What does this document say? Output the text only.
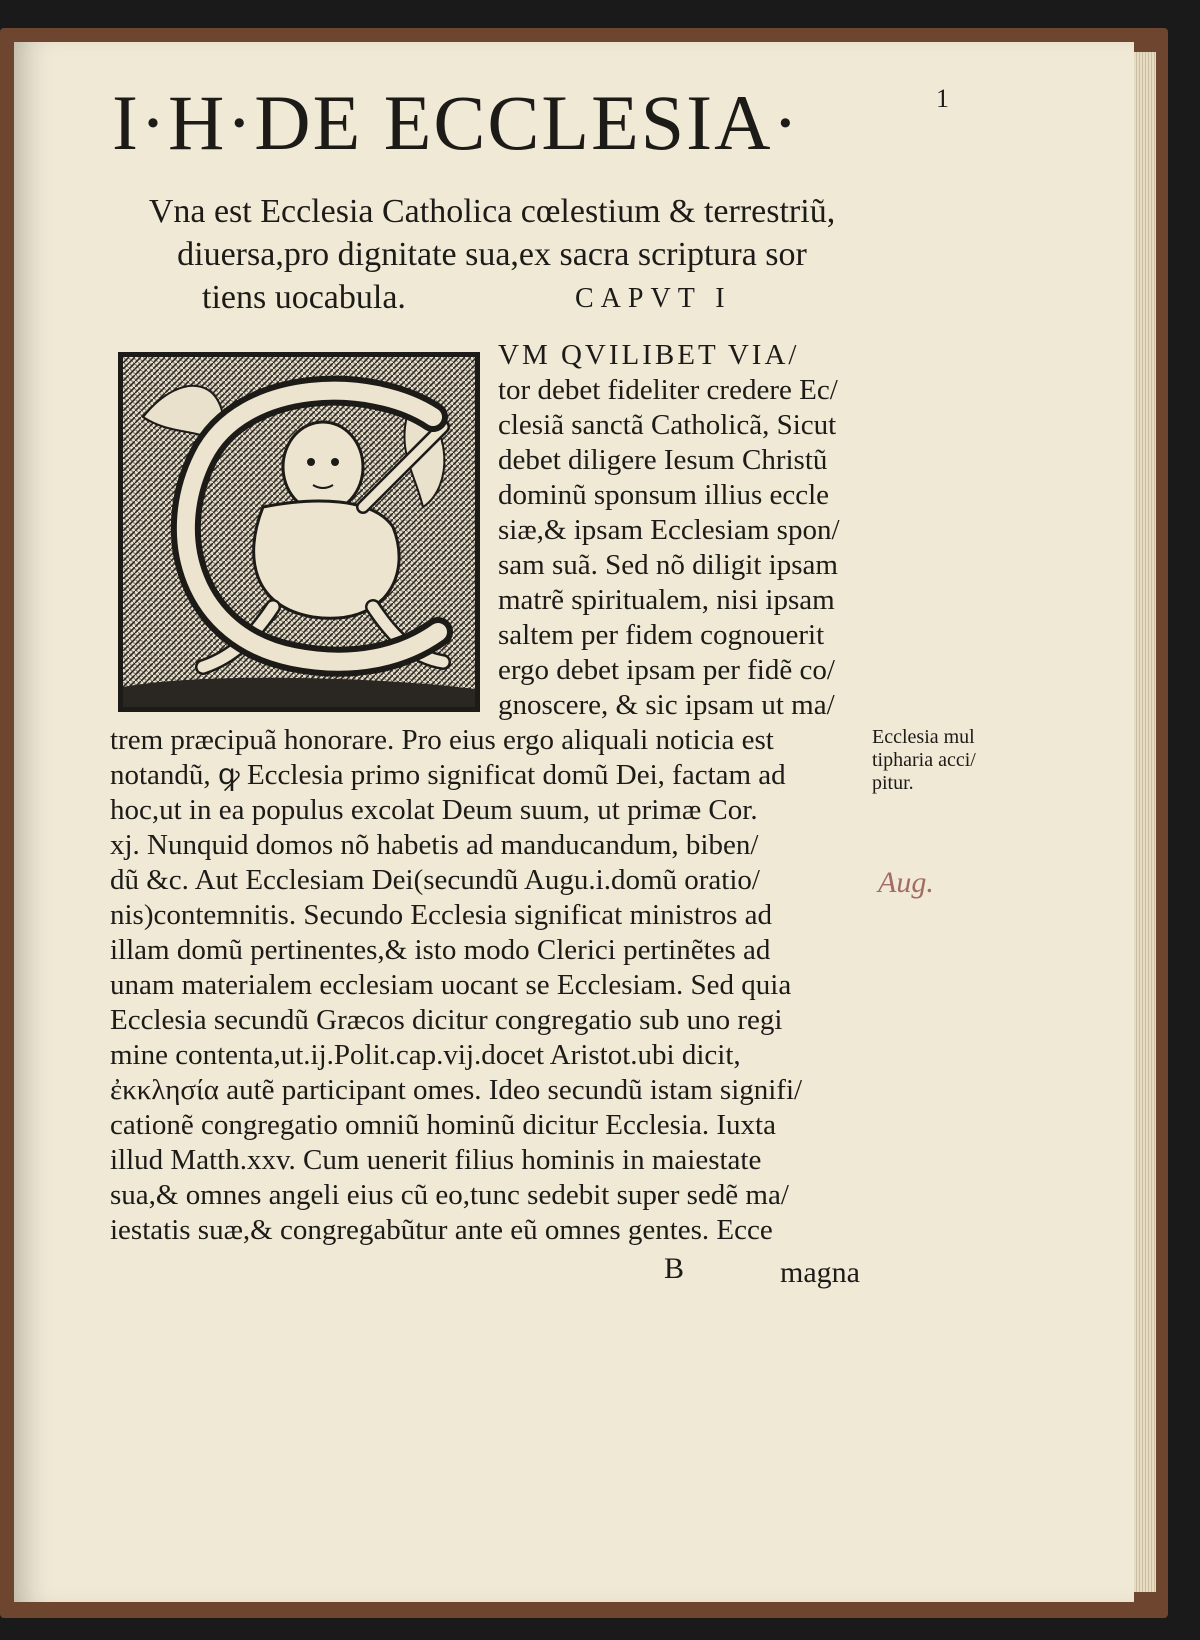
I·H·DE ECCLESIA·	1
Vna est Ecclesia Catholica cœlestium & terrestriũ,
diuersa,pro dignitate sua,ex sacra scriptura sor
tiens uocabula.	CAPVT I
VM QVILIBET VIA/
tor debet fideliter credere Ec/
clesiã sanctã Catholicã, Sicut
debet diligere Iesum Christũ
dominũ sponsum illius eccle
siæ,& ipsam Ecclesiam spon/
sam suã. Sed nõ diligit ipsam
matrẽ spiritualem, nisi ipsam
saltem per fidem cognouerit
ergo debet ipsam per fidẽ co/
gnoscere, & sic ipsam ut ma/
trem præcipuã honorare. Pro eius ergo aliquali noticia est
notandũ, ꝙ Ecclesia primo significat domũ Dei, factam ad
hoc,ut in ea populus excolat Deum suum, ut primæ Cor.
xj. Nunquid domos nõ habetis ad manducandum, biben/
dũ &c. Aut Ecclesiam Dei(secundũ Augu.i.domũ oratio/
nis)contemnitis. Secundo Ecclesia significat ministros ad
illam domũ pertinentes,& isto modo Clerici pertinẽtes ad
unam materialem ecclesiam uocant se Ecclesiam. Sed quia
Ecclesia secundũ Græcos dicitur congregatio sub uno regi
mine contenta,ut.ij.Polit.cap.vij.docet Aristot.ubi dicit,
ἐκκλησία autẽ participant omes. Ideo secundũ istam signifi/
cationẽ congregatio omniũ hominũ dicitur Ecclesia. Iuxta
illud Matth.xxv. Cum uenerit filius hominis in maiestate
sua,& omnes angeli eius cũ eo,tunc sedebit super sedẽ ma/
iestatis suæ,& congregabũtur ante eũ omnes gentes. Ecce
Ecclesia mul
tipharia acci/
pitur.
Aug.
B	magna
